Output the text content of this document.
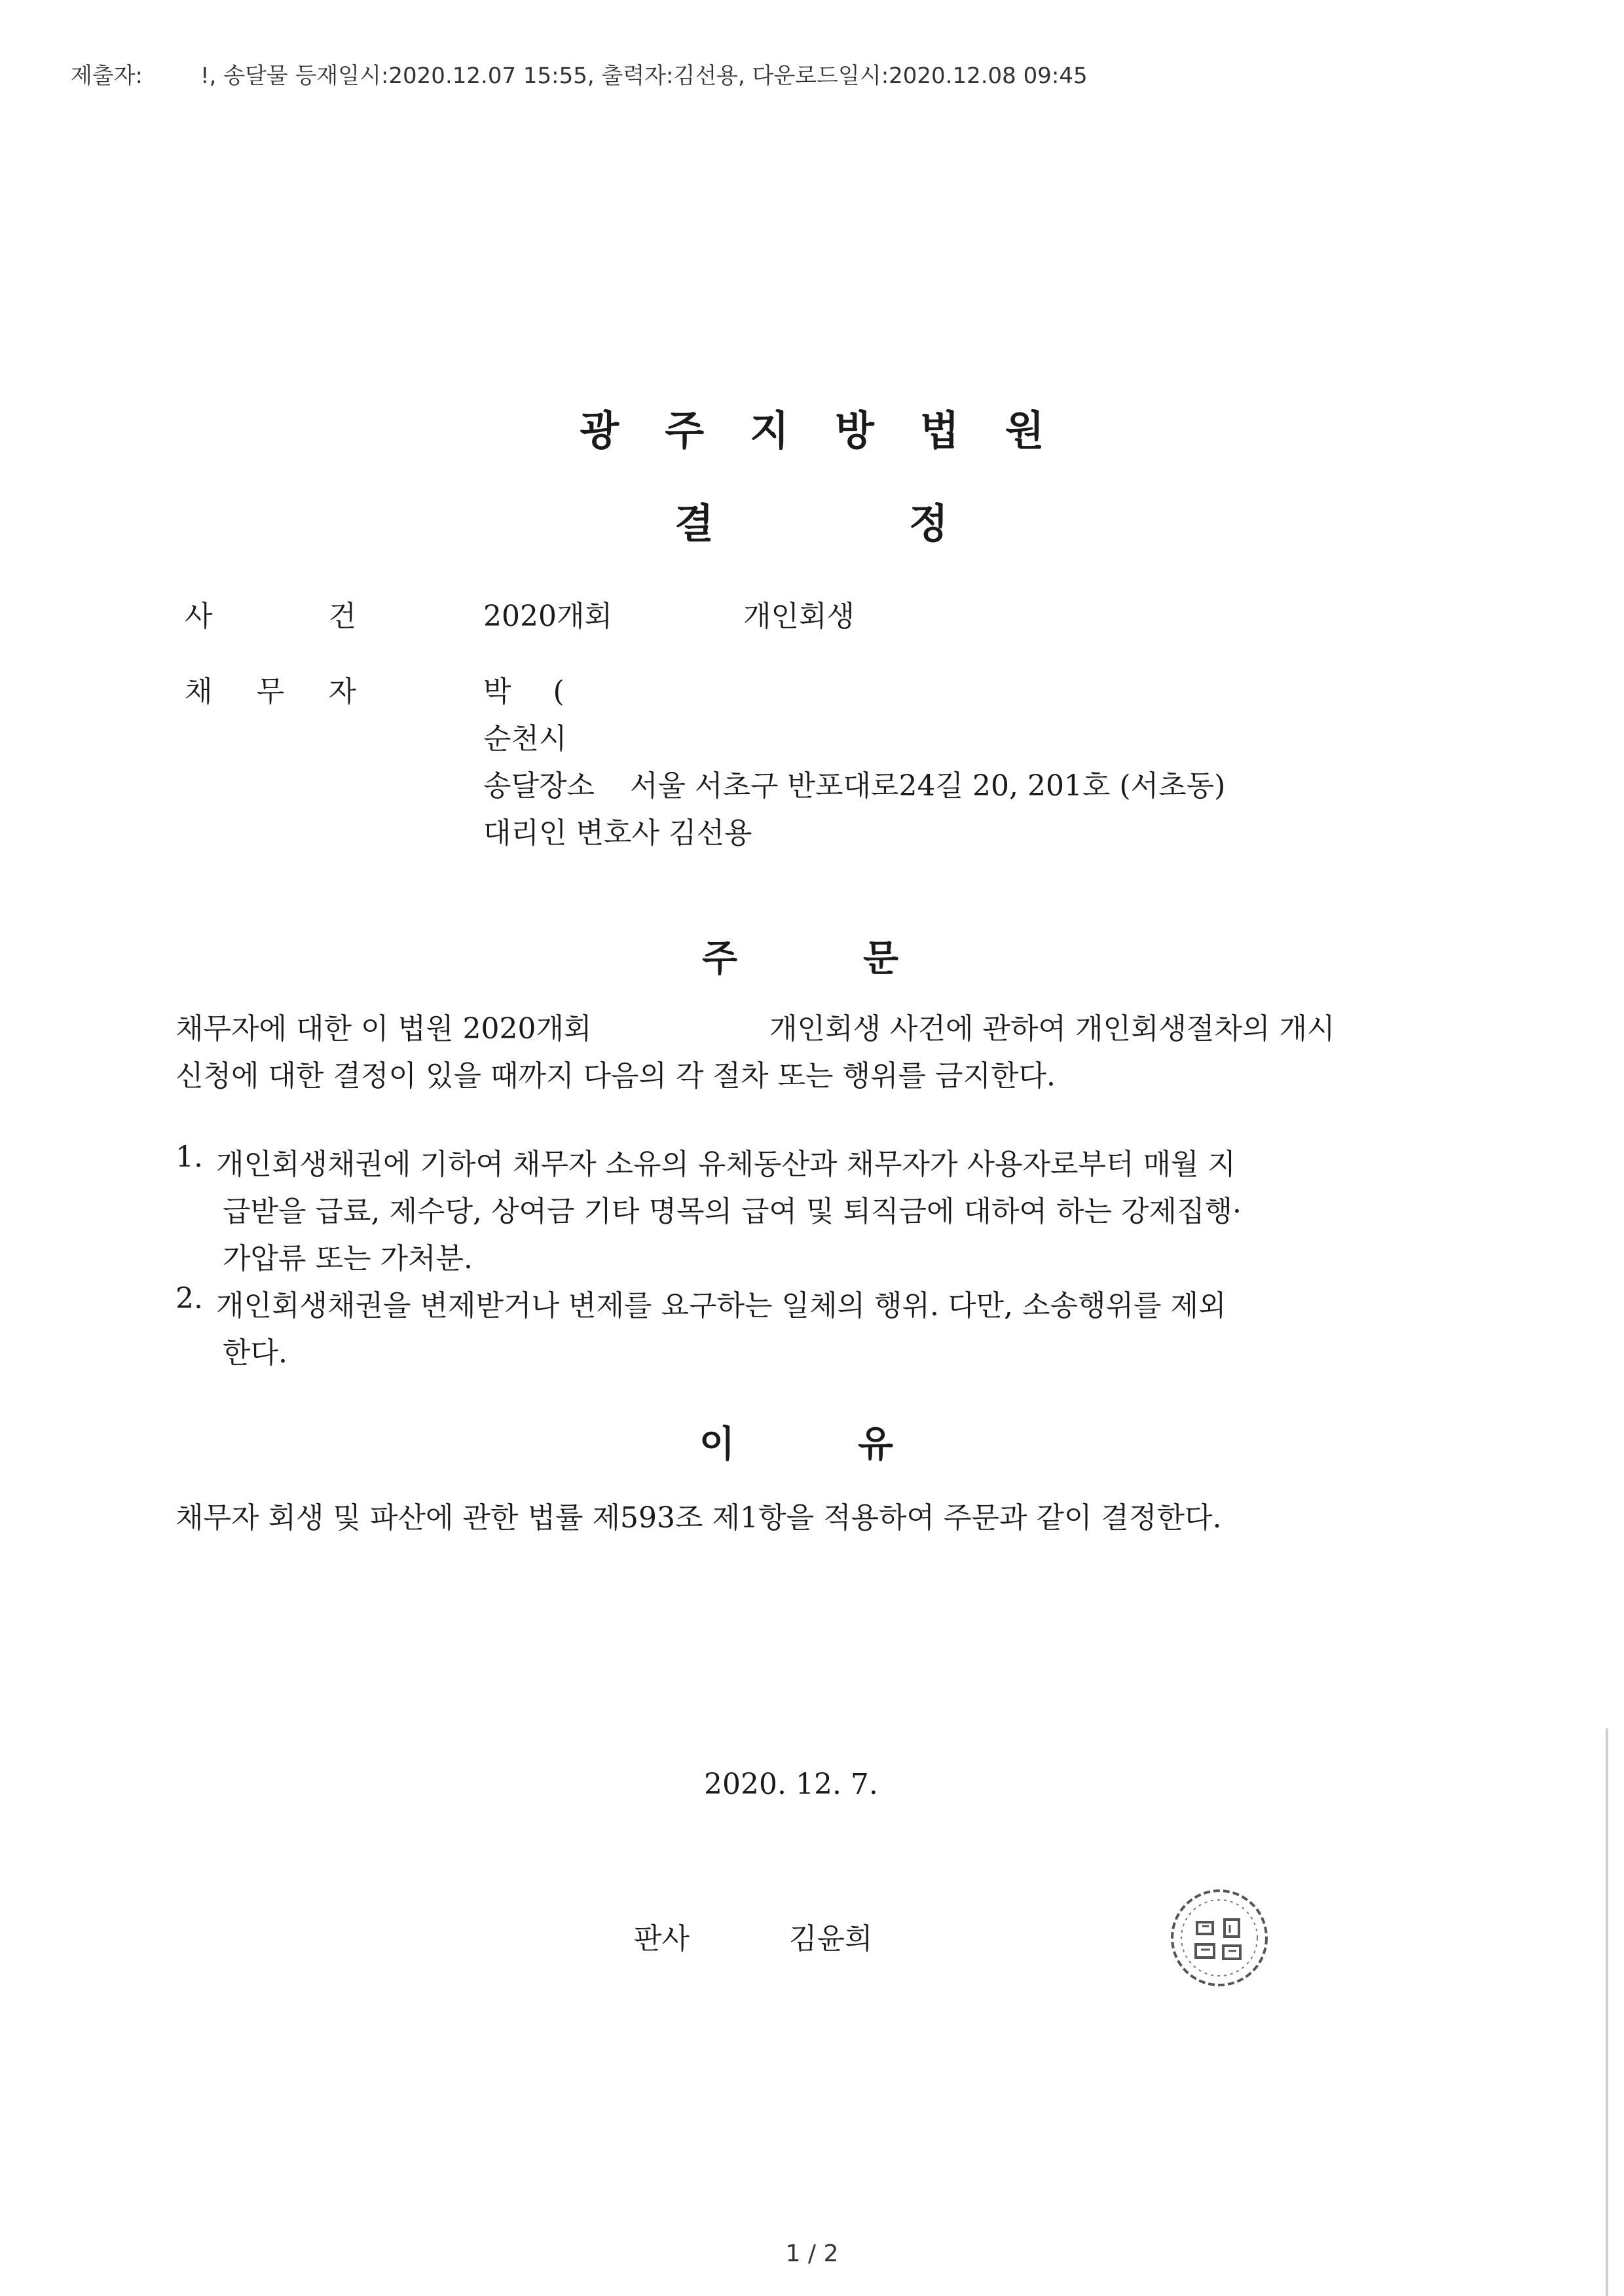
제출자:	!, 송달물 등재일시:2020.12.07 15:55, 출력자:김선용, 다운로드일시:2020.12.08 09:45
광주지방법원
결	정
사	건	2020개회	개인회생
채 무 자	박 (
순천시
송달장소 서울 서초구 반포대로24길 20, 201호 (서초동)
대리인 변호사 김선용
주	문
채무자에 대한 이 법원 2020개회	개인회생 사건에 관하여 개인회생절차의 개시
신청에 대한 결정이 있을 때까지 다음의 각 절차 또는 행위를 금지한다.
1. 개인회생채권에 기하여 채무자 소유의 유체동산과 채무자가 사용자로부터 매월 지
급받을 급료, 제수당, 상여금 기타 명목의 급여 및 퇴직금에 대하여 하는 강제집행·
가압류 또는 가처분.
2. 개인회생채권을 변제받거나 변제를 요구하는 일체의 행위. 다만, 소송행위를 제외
한다.
이	유
채무자 회생 및 파산에 관한 법률 제593조 제1항을 적용하여 주문과 같이 결정한다.
2020. 12. 7.
판사	김윤희
1 / 2
